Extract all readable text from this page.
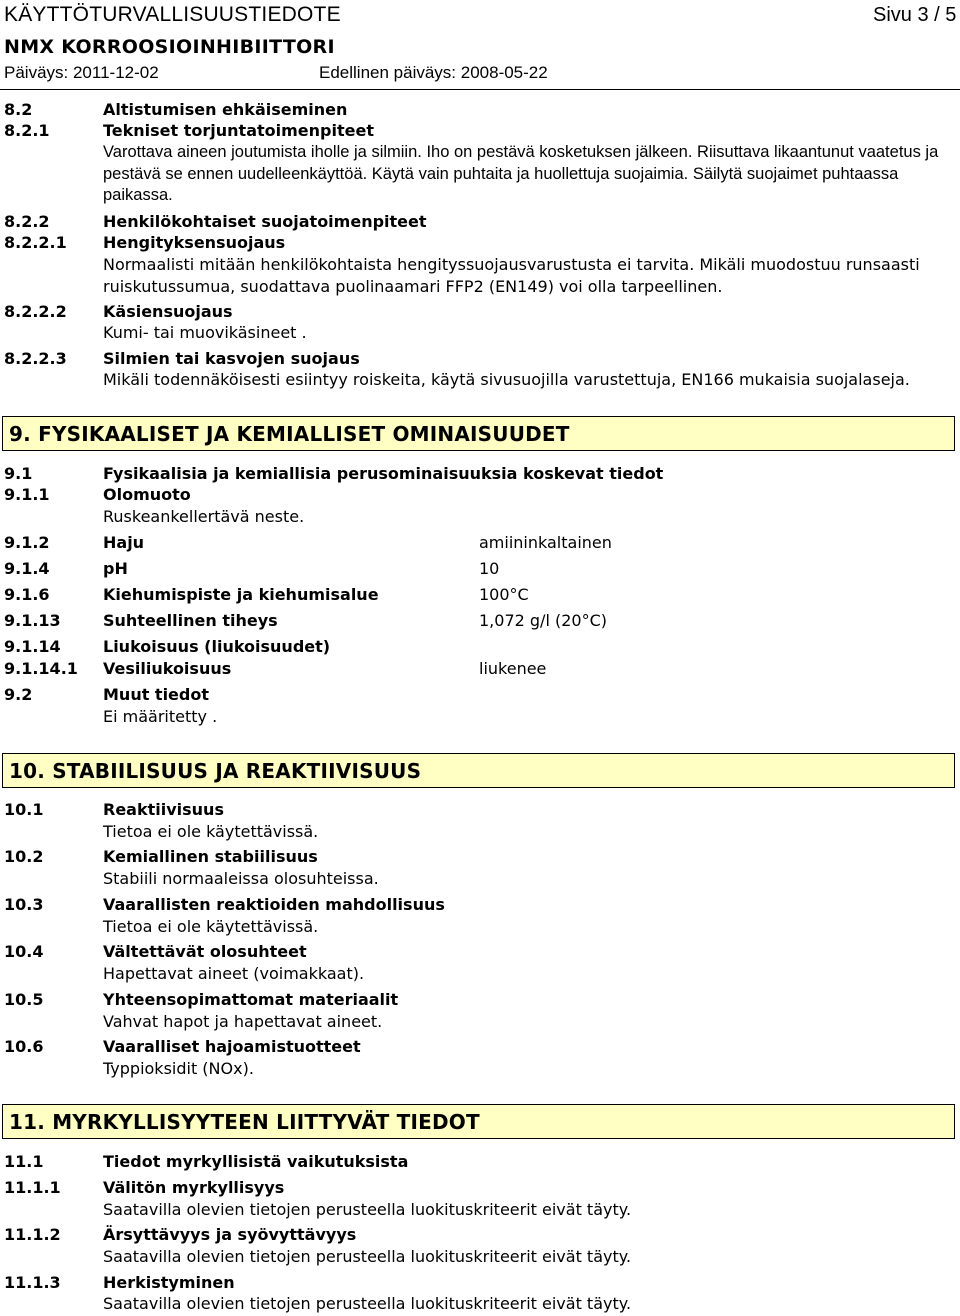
KÄYTTÖTURVALLISUUSTIEDOTE	Sivu 3 / 5
NMX KORROOSIOINHIBIITTORI
Päiväys: 2011-12-02	Edellinen päiväys: 2008-05-22
8.2	Altistumisen ehkäiseminen
8.2.1	Tekniset torjuntatoimenpiteet
Varottava aineen joutumista iholle ja silmiin. Iho on pestävä kosketuksen jälkeen. Riisuttava likaantunut vaatetus ja pestävä se ennen uudelleenkäyttöä. Käytä vain puhtaita ja huollettuja suojaimia. Säilytä suojaimet puhtaassa paikassa.
8.2.2	Henkilökohtaiset suojatoimenpiteet
8.2.2.1 Hengityksensuojaus
Normaalisti mitään henkilökohtaista hengityssuojausvarustusta ei tarvita. Mikäli muodostuu runsaasti ruiskutussumua, suodattava puolinaamari FFP2 (EN149) voi olla tarpeellinen.
8.2.2.2 Käsiensuojaus
Kumi- tai muovikäsineet .
8.2.2.3 Silmien tai kasvojen suojaus
Mikäli todennäköisesti esiintyy roiskeita, käytä sivusuojilla varustettuja, EN166 mukaisia suojalaseja.
9. FYSIKAALISET JA KEMIALLISET OMINAISUUDET
9.1	Fysikaalisia ja kemiallisia perusominaisuuksia koskevat tiedot
9.1.1	Olomuoto
Ruskeankellertävä neste.
9.1.2	Haju	amiininkaltainen
9.1.4	pH	10
9.1.6	Kiehumispiste ja kiehumisalue	100°C
9.1.13	Suhteellinen tiheys	1,072 g/l (20°C)
9.1.14	Liukoisuus (liukoisuudet)
9.1.14.1 Vesiliukoisuus	liukenee
9.2	Muut tiedot
Ei määritetty .
10. STABIILISUUS JA REAKTIIVISUUS
10.1	Reaktiivisuus
Tietoa ei ole käytettävissä.
10.2	Kemiallinen stabiilisuus
Stabiili normaaleissa olosuhteissa.
10.3	Vaarallisten reaktioiden mahdollisuus
Tietoa ei ole käytettävissä.
10.4	Vältettävät olosuhteet
Hapettavat aineet (voimakkaat).
10.5	Yhteensopimattomat materiaalit
Vahvat hapot ja hapettavat aineet.
10.6	Vaaralliset hajoamistuotteet
Typpioksidit (NOx).
11. MYRKYLLISYYTEEN LIITTYVÄT TIEDOT
11.1	Tiedot myrkyllisistä vaikutuksista
11.1.1	Välitön myrkyllisyys
Saatavilla olevien tietojen perusteella luokituskriteerit eivät täyty.
11.1.2	Ärsyttävyys ja syövyttävyys
Saatavilla olevien tietojen perusteella luokituskriteerit eivät täyty.
11.1.3	Herkistyminen
Saatavilla olevien tietojen perusteella luokituskriteerit eivät täyty.
